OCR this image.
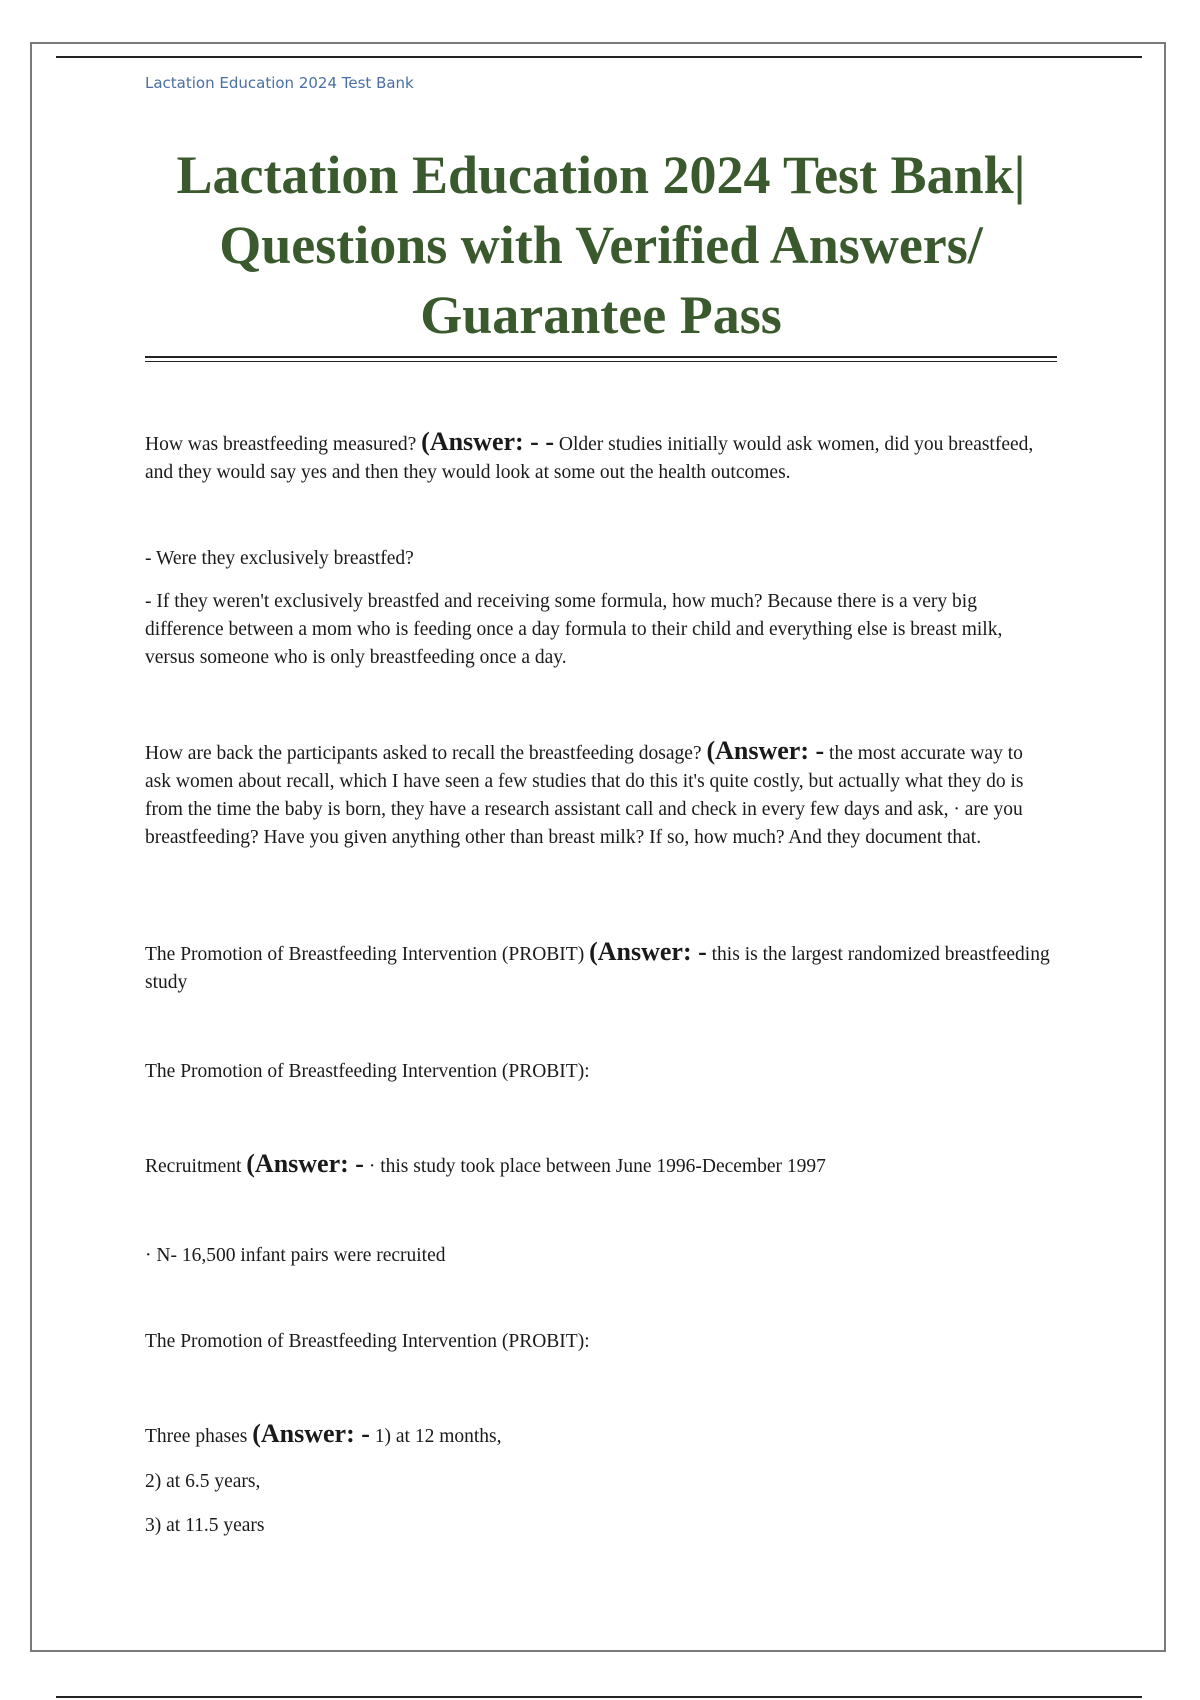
Lactation Education 2024 Test Bank
Lactation Education 2024 Test Bank|
Questions with Verified Answers/
Guarantee Pass

How was breastfeeding measured? (Answer: - - Older studies initially would ask women, did you breastfeed, and they would say yes and then they would look at some out the health outcomes.

- Were they exclusively breastfed?

- If they weren't exclusively breastfed and receiving some formula, how much? Because there is a very big difference between a mom who is feeding once a day formula to their child and everything else is breast milk, versus someone who is only breastfeeding once a day.

How are back the participants asked to recall the breastfeeding dosage? (Answer: - the most accurate way to ask women about recall, which I have seen a few studies that do this it's quite costly, but actually what they do is from the time the baby is born, they have a research assistant call and check in every few days and ask, · are you breastfeeding? Have you given anything other than breast milk? If so, how much? And they document that.

The Promotion of Breastfeeding Intervention (PROBIT) (Answer: - this is the largest randomized breastfeeding study

The Promotion of Breastfeeding Intervention (PROBIT):

Recruitment (Answer: - · this study took place between June 1996-December 1997

· N- 16,500 infant pairs were recruited

The Promotion of Breastfeeding Intervention (PROBIT):

Three phases (Answer: - 1) at 12 months,

2) at 6.5 years,

3) at 11.5 years
